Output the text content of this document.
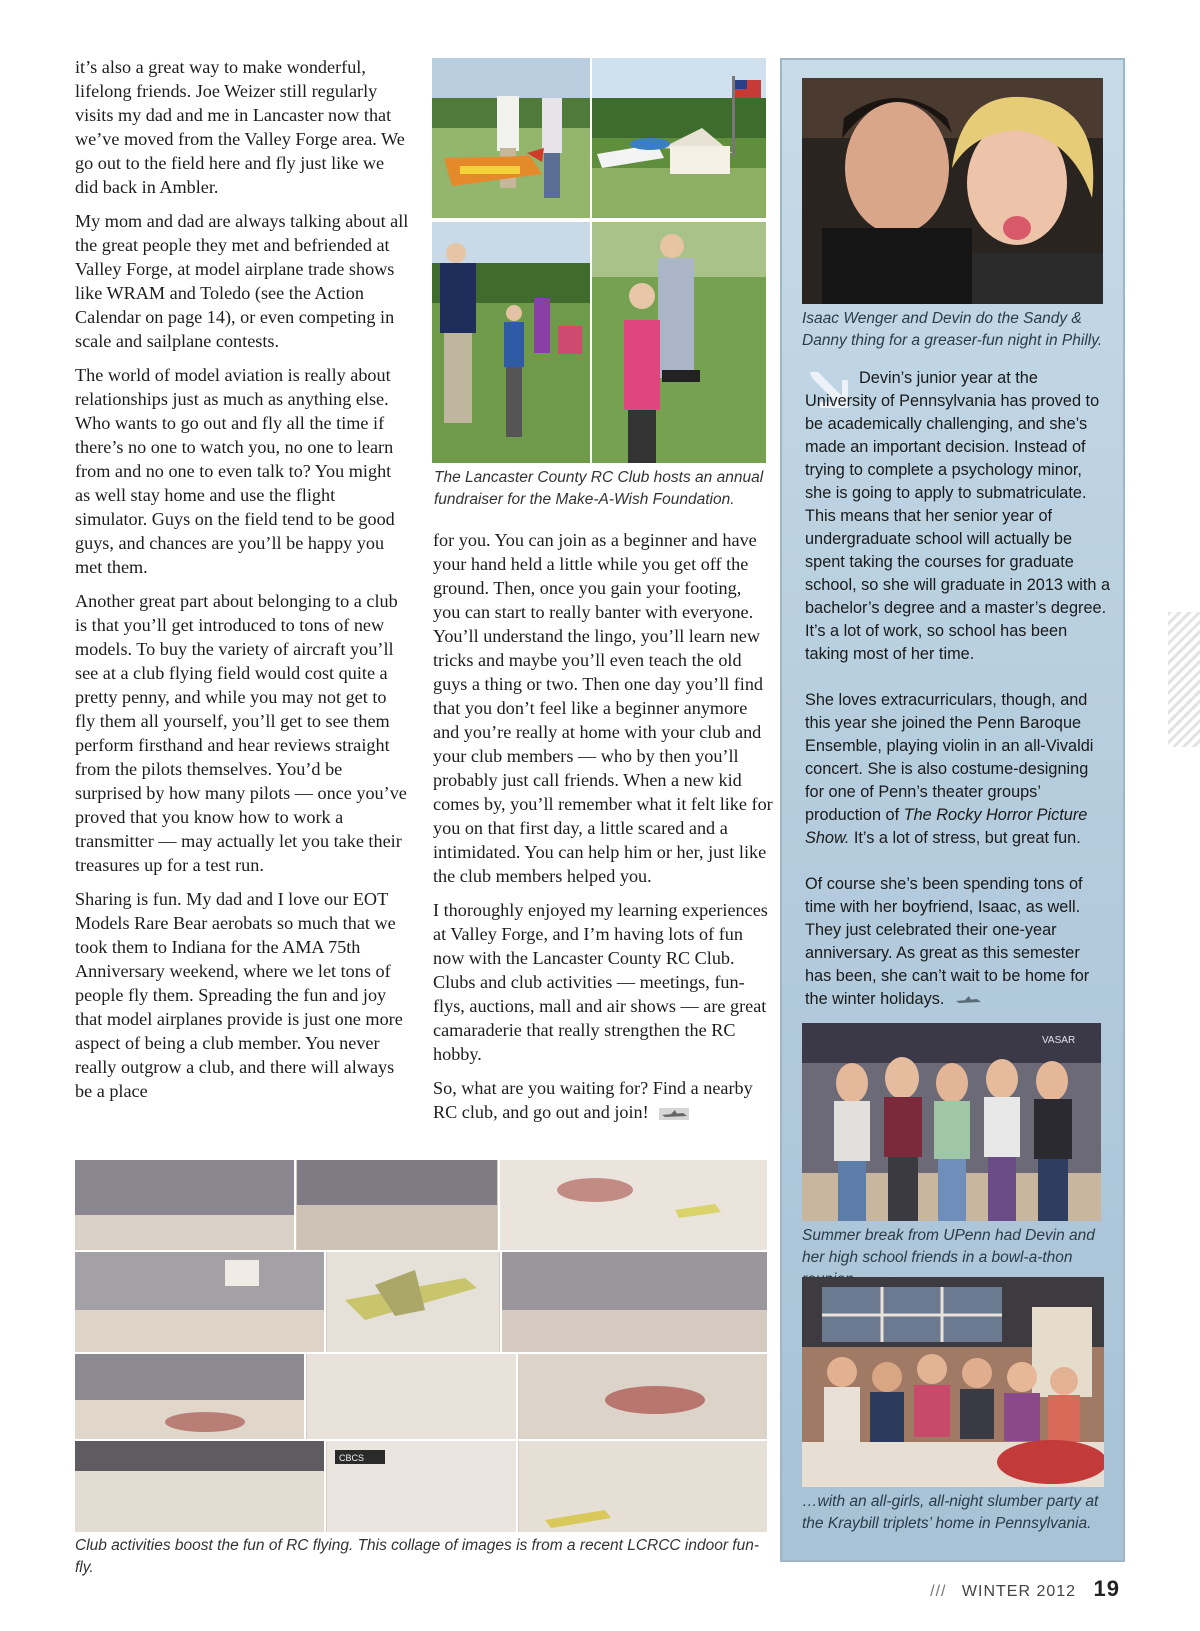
it’s also a great way to make wonderful, lifelong friends. Joe Weizer still regularly visits my dad and me in Lancaster now that we’ve moved from the Valley Forge area. We go out to the field here and fly just like we did back in Ambler.

My mom and dad are always talking about all the great people they met and befriended at Valley Forge, at model airplane trade shows like WRAM and Toledo (see the Action Calendar on page 14), or even competing in scale and sailplane contests.

The world of model aviation is really about relationships just as much as anything else. Who wants to go out and fly all the time if there’s no one to watch you, no one to learn from and no one to even talk to? You might as well stay home and use the flight simulator. Guys on the field tend to be good guys, and chances are you’ll be happy you met them.

Another great part about belonging to a club is that you’ll get introduced to tons of new models. To buy the variety of aircraft you’ll see at a club flying field would cost quite a pretty penny, and while you may not get to fly them all yourself, you’ll get to see them perform firsthand and hear reviews straight from the pilots themselves. You’d be surprised by how many pilots — once you’ve proved that you know how to work a transmitter — may actually let you take their treasures up for a test run.

Sharing is fun. My dad and I love our EOT Models Rare Bear aerobats so much that we took them to Indiana for the AMA 75th Anniversary weekend, where we let tons of people fly them. Spreading the fun and joy that model airplanes provide is just one more aspect of being a club member. You never really outgrow a club, and there will always be a place

The Lancaster County RC Club hosts an annual fundraiser for the Make-A-Wish Foundation.

for you. You can join as a beginner and have your hand held a little while you get off the ground. Then, once you gain your footing, you can start to really banter with everyone. You’ll understand the lingo, you’ll learn new tricks and maybe you’ll even teach the old guys a thing or two. Then one day you’ll find that you don’t feel like a beginner anymore and you’re really at home with your club and your club members — who by then you’ll probably just call friends. When a new kid comes by, you’ll remember what it felt like for you on that first day, a little scared and a intimidated. You can help him or her, just like the club members helped you.

I thoroughly enjoyed my learning experiences at Valley Forge, and I’m having lots of fun now with the Lancaster County RC Club. Clubs and club activities — meetings, fun-flys, auctions, mall and air shows — are great camaraderie that really strengthen the RC hobby.

So, what are you waiting for? Find a nearby RC club, and go out and join!

CBCS
Club activities boost the fun of RC flying. This collage of images is from a recent LCRCC indoor fun-fly.
Isaac Wenger and Devin do the Sandy & Danny thing for a greaser-fun night in Philly.

Devin’s junior year at the University of Pennsylvania has proved to be academically challenging, and she’s made an important decision. Instead of trying to complete a psychology minor, she is going to apply to submatriculate. This means that her senior year of undergraduate school will actually be spent taking the courses for graduate school, so she will graduate in 2013 with a bachelor’s degree and a master’s degree. It’s a lot of work, so school has been taking most of her time.

She loves extracurriculars, though, and this year she joined the Penn Baroque Ensemble, playing violin in an all-Vivaldi concert. She is also costume-designing for one of Penn’s theater groups’ production of The Rocky Horror Picture Show. It’s a lot of stress, but great fun.

Of course she’s been spending tons of time with her boyfriend, Isaac, as well. They just celebrated their one-year anniversary. As great as this semester has been, she can’t wait to be home for the winter holidays.

VASAR
Summer break from UPenn had Devin and her high school friends in a bowl-a-thon
…with an all-girls, all-night slumber party at the Kraybill triplets’ home in Pennsylvania.
/// WINTER 2012 19
